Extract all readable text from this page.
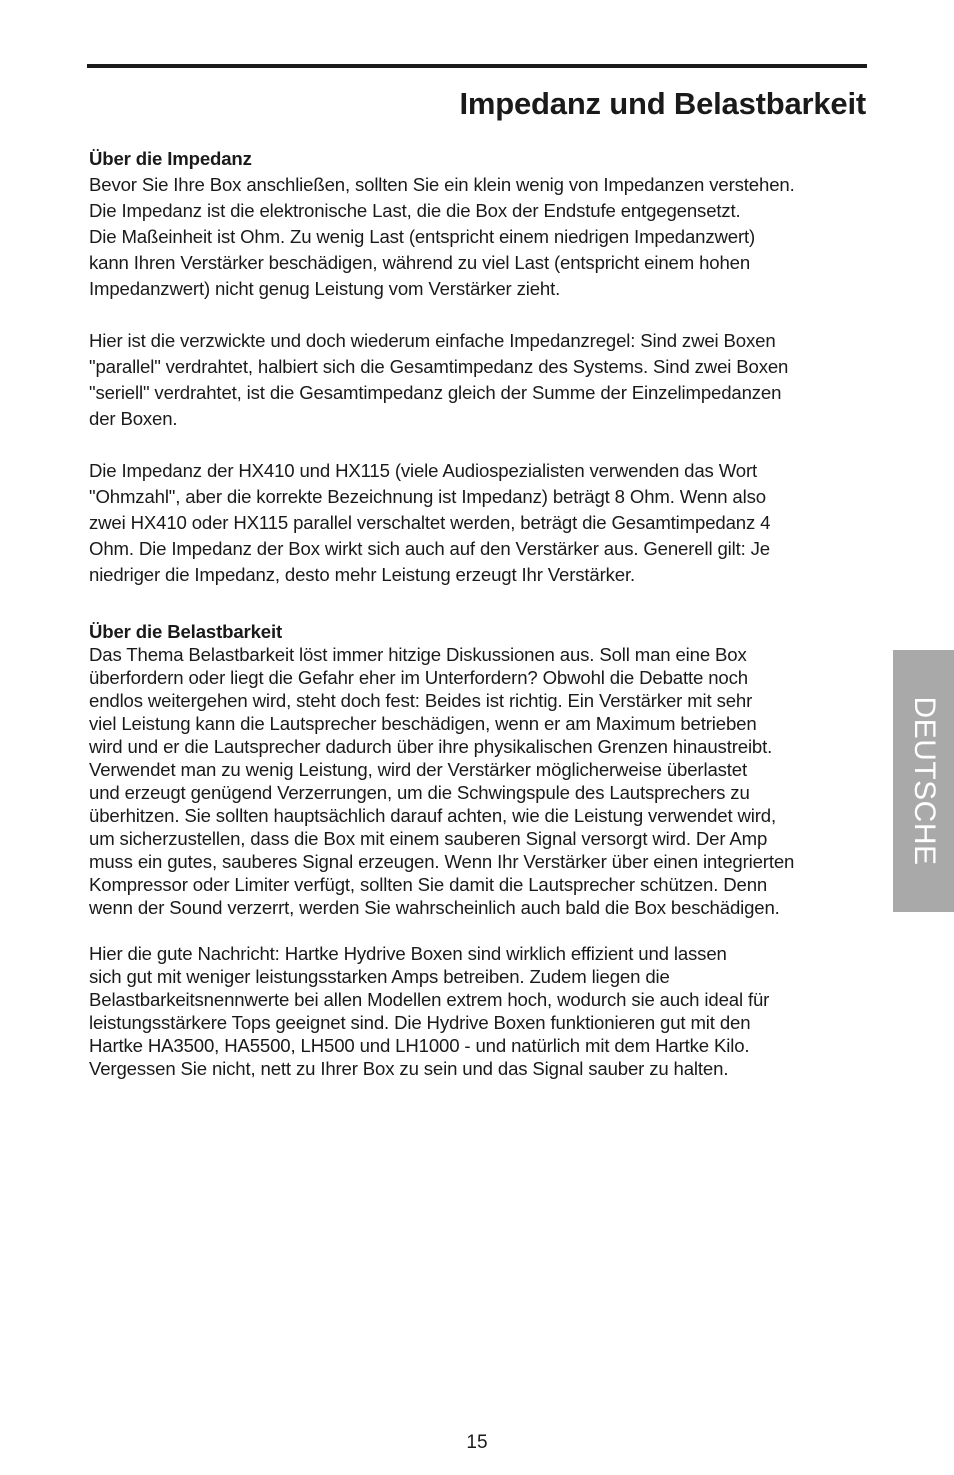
Impedanz und Belastbarkeit
Über die Impedanz

Bevor Sie Ihre Box anschließen, sollten Sie ein klein wenig von Impedanzen verstehen.
Die Impedanz ist die elektronische Last, die die Box der Endstufe entgegensetzt.
Die Maßeinheit ist Ohm. Zu wenig Last (entspricht einem niedrigen Impedanzwert)
kann Ihren Verstärker beschädigen, während zu viel Last (entspricht einem hohen
Impedanzwert) nicht genug Leistung vom Verstärker zieht.

Hier ist die verzwickte und doch wiederum einfache Impedanzregel: Sind zwei Boxen
"parallel" verdrahtet, halbiert sich die Gesamtimpedanz des Systems. Sind zwei Boxen
"seriell" verdrahtet, ist die Gesamtimpedanz gleich der Summe der Einzelimpedanzen
der Boxen.

Die Impedanz der HX410 und HX115 (viele Audiospezialisten verwenden das Wort
"Ohmzahl", aber die korrekte Bezeichnung ist Impedanz) beträgt 8 Ohm. Wenn also
zwei HX410 oder HX115 parallel verschaltet werden, beträgt die Gesamtimpedanz 4
Ohm. Die Impedanz der Box wirkt sich auch auf den Verstärker aus. Generell gilt: Je
niedriger die Impedanz, desto mehr Leistung erzeugt Ihr Verstärker.

Über die Belastbarkeit

Das Thema Belastbarkeit löst immer hitzige Diskussionen aus. Soll man eine Box
überfordern oder liegt die Gefahr eher im Unterfordern? Obwohl die Debatte noch
endlos weitergehen wird, steht doch fest: Beides ist richtig. Ein Verstärker mit sehr
viel Leistung kann die Lautsprecher beschädigen, wenn er am Maximum betrieben
wird und er die Lautsprecher dadurch über ihre physikalischen Grenzen hinaustreibt.
Verwendet man zu wenig Leistung, wird der Verstärker möglicherweise überlastet
und erzeugt genügend Verzerrungen, um die Schwingspule des Lautsprechers zu
überhitzen. Sie sollten hauptsächlich darauf achten, wie die Leistung verwendet wird,
um sicherzustellen, dass die Box mit einem sauberen Signal versorgt wird. Der Amp
muss ein gutes, sauberes Signal erzeugen. Wenn Ihr Verstärker über einen integrierten
Kompressor oder Limiter verfügt, sollten Sie damit die Lautsprecher schützen. Denn
wenn der Sound verzerrt, werden Sie wahrscheinlich auch bald die Box beschädigen.

Hier die gute Nachricht: Hartke Hydrive Boxen sind wirklich effizient und lassen
sich gut mit weniger leistungsstarken Amps betreiben. Zudem liegen die
Belastbarkeitsnennwerte bei allen Modellen extrem hoch, wodurch sie auch ideal für
leistungsstärkere Tops geeignet sind. Die Hydrive Boxen funktionieren gut mit den
Hartke HA3500, HA5500, LH500 und LH1000 - und natürlich mit dem Hartke Kilo.
Vergessen Sie nicht, nett zu Ihrer Box zu sein und das Signal sauber zu halten.

DEUTSCHE
15
